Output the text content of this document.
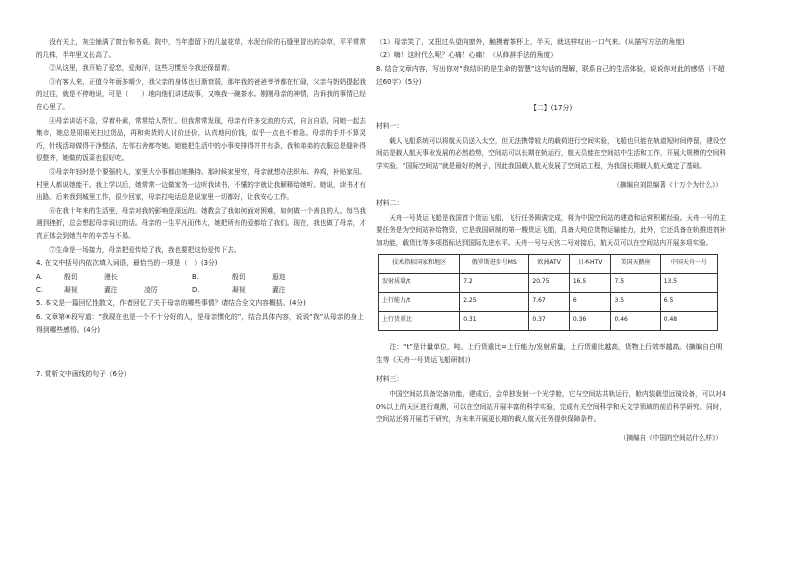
没有关上，灰尘铺满了窗台和书桌。院中，当年遗留下的几盆花草，水泥台阶的石缝里冒出的杂草，平平常常的几株，半年里又长高了。

②从这里，我开始了爱恋，爱海洋，这些习惯至今我还保留着。

③有客人来，正值今年雨多晴少，我父亲的身体也日渐衰弱，那年我的爸爸爷爷都在忙碌，父亲与奶奶提起我的过往，就是不停地说，可是（　　）地向他们讲述故事，又唤我一碗茶水。刚刚母亲的神情，告诉我的事情已经在心里了。

④母亲讲话不急，穿着朴素，常常给人帮忙。但我常常发现，母亲有许多交流的方式，自言自语，同她一起去集市，她总是用眼光扫过货品，再和卖货的人讨价还价，认真地问价钱，似乎一点也不着急。母亲的手并不算灵巧，针线活却做得干净整洁，左邻右舍都夸她。她能把生活中的小事安排得井井有条，我和弟弟的衣服总是缝补得很整齐，她做的饭菜也很好吃。

⑤母亲年轻时是个要强的人，家里大小事都由她操持。那时候家里穷，母亲就想办法织布、养鸡，补贴家用。村里人都说她能干。我上学以后，她常常一边做家务一边听我读书，不懂的字就让我解释给她听。她说，读书才有出路。后来我到城里工作，很少回家，母亲打电话总是说家里一切都好，让我安心工作。

⑥在我十年来的生活里，母亲对我的影响是深远的。她教会了我如何面对困难，如何做一个善良的人。每当我遇到挫折，总会想起母亲说过的话。母亲的一生平凡而伟大，她把所有的爱都给了我们。现在，我也做了母亲，才真正体会到她当年的辛苦与不易。

⑦生命是一场接力，母亲把爱传给了我，我也要把这份爱传下去。

4. 在文中括号内依次填入词语，最恰当的一项是（　）(3分)

A.	殷切	漫长	B.	殷切	遐迩
C.	凝视	灌注	凌厉	D.	凝视	灌注

5. 本文是一篇回忆性散文，作者回忆了关于母亲的哪些事情？请结合全文内容概括。(4分)

6. 文章第⑥段写道：“我现在也是一个不十分好的人，是母亲惯化的”，结合具体内容，说说“我”从母亲的身上得到哪些感悟。(4分)

7. 赏析文中画线的句子（6分）

（1）母亲笑了，又扭过头望向窗外，触摸着茶杯上，半天，就这样叹出一口气来。(从描写方法的角度)

（2）嗨！这时代么呢？心痛！心痛！（从修辞手法的角度）

8. 结合文章内容，写出你对“我结识的是生命的智慧”这句话的理解，联系自己的生活体验，说说你对此的感悟（不超过60字）(5分)

【二】(17分)
材料一：

载人飞船系统可以将航天员送入太空，但无法携带较大的载荷进行空间实验，飞船也只能在轨道短时间停留，建设空间站是载人航天事业发展的必然趋势，空间站可以长期在轨运行，航天员能在空间站中生活和工作，开展大规模的空间科学实验，“国际空间站”就是最好的例子，因此我国载人航天发展了空间站工程，为我国长期载人航天奠定了基础。

（摘编自刘昆编著《十万个为什么》）
材料二：

天舟一号货运飞船是我国首个货运飞船，飞行任务圆满完成，将为中国空间站的建造和运营积累经验。天舟一号的主要任务是为空间站补给物资，它是我国研制的第一艘货运飞船，具备大吨位货物运输能力，此外，它还具备在轨推进剂补加功能，载货比等多项指标达到国际先进水平。天舟一号与天宫二号对接后，航天员可以在空间站内开展多项实验。

技术指标国家和地区	俄罗斯进步号MS	欧洲ATV	日本HTV	美国天鹅座	中国天舟一号
发射质量/t	7.2	20.75	16.5	7.5	13.5
上行能力/t	2.25	7.67	6	3.5	6.5
上行货重比	0.31	0.37	0.36	0.46	0.48

注：“t”是计量单位，吨。上行货重比=上行能力/发射质量，上行货重比越高，货物上行效率越高。(摘编自白明生等《天舟一号货运飞船研制》)

材料三：

中国空间站具备完备功能，建成后，会单独发射一个光学舱，它与空间站共轨运行，舱内装载望远镜设备，可以对40%以上的天区进行观测，可以在空间站开展丰富的科学实验，完成有关空间科学和天文学领域的前沿科学研究。同时，空间站还将开展若干研究，为未来开展更长期的载人航天任务提供保障条件。

（摘编自《中国的空间站什么样》）
